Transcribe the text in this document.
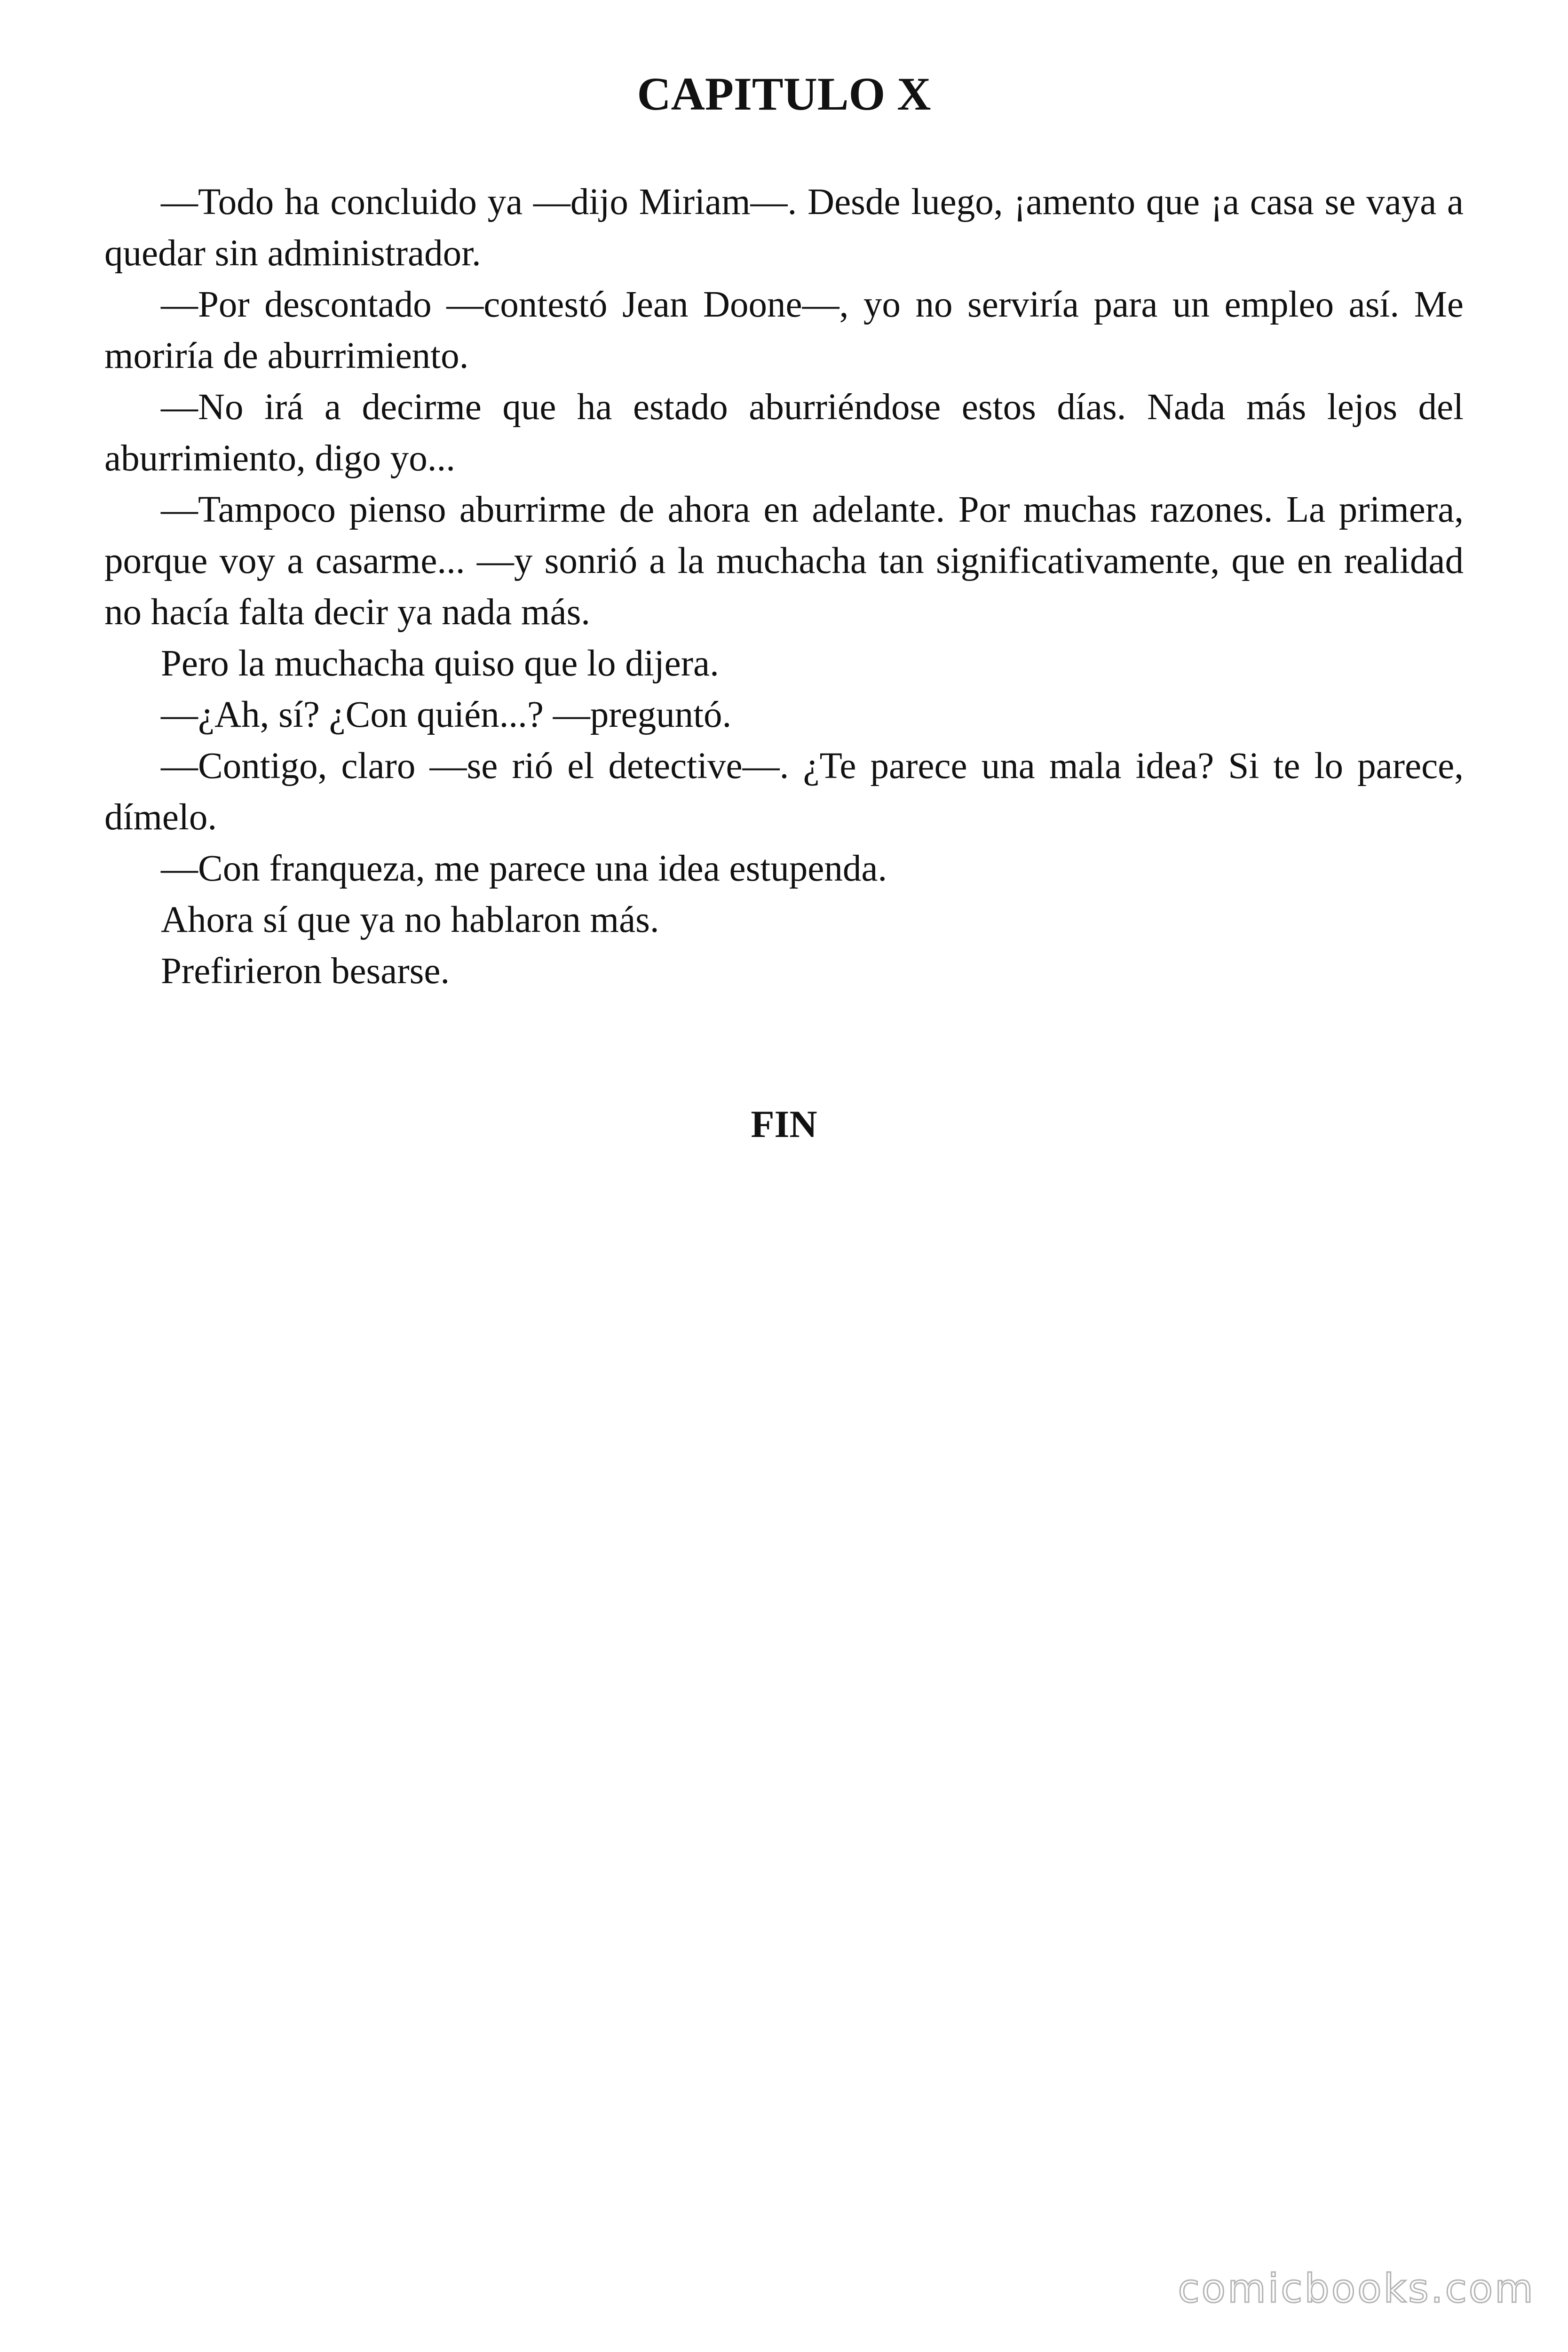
CAPITULO X

—Todo ha concluido ya —dijo Miriam—. Desde luego, ¡amento que ¡a casa se vaya a quedar sin administrador.

—Por descontado —contestó Jean Doone—, yo no serviría para un empleo así. Me moriría de aburrimiento.

—No irá a decirme que ha estado aburriéndose estos días. Nada más lejos del aburrimiento, digo yo...

—Tampoco pienso aburrirme de ahora en adelante. Por muchas razones. La primera, porque voy a casarme... —y sonrió a la muchacha tan significativamente, que en realidad no hacía falta decir ya nada más.

Pero la muchacha quiso que lo dijera.

—¿Ah, sí? ¿Con quién...? —preguntó.

—Contigo, claro —se rió el detective—. ¿Te parece una mala idea? Si te lo parece, dímelo.

—Con franqueza, me parece una idea estupenda.

Ahora sí que ya no hablaron más.

Prefirieron besarse.

FIN
comicbooks.com
